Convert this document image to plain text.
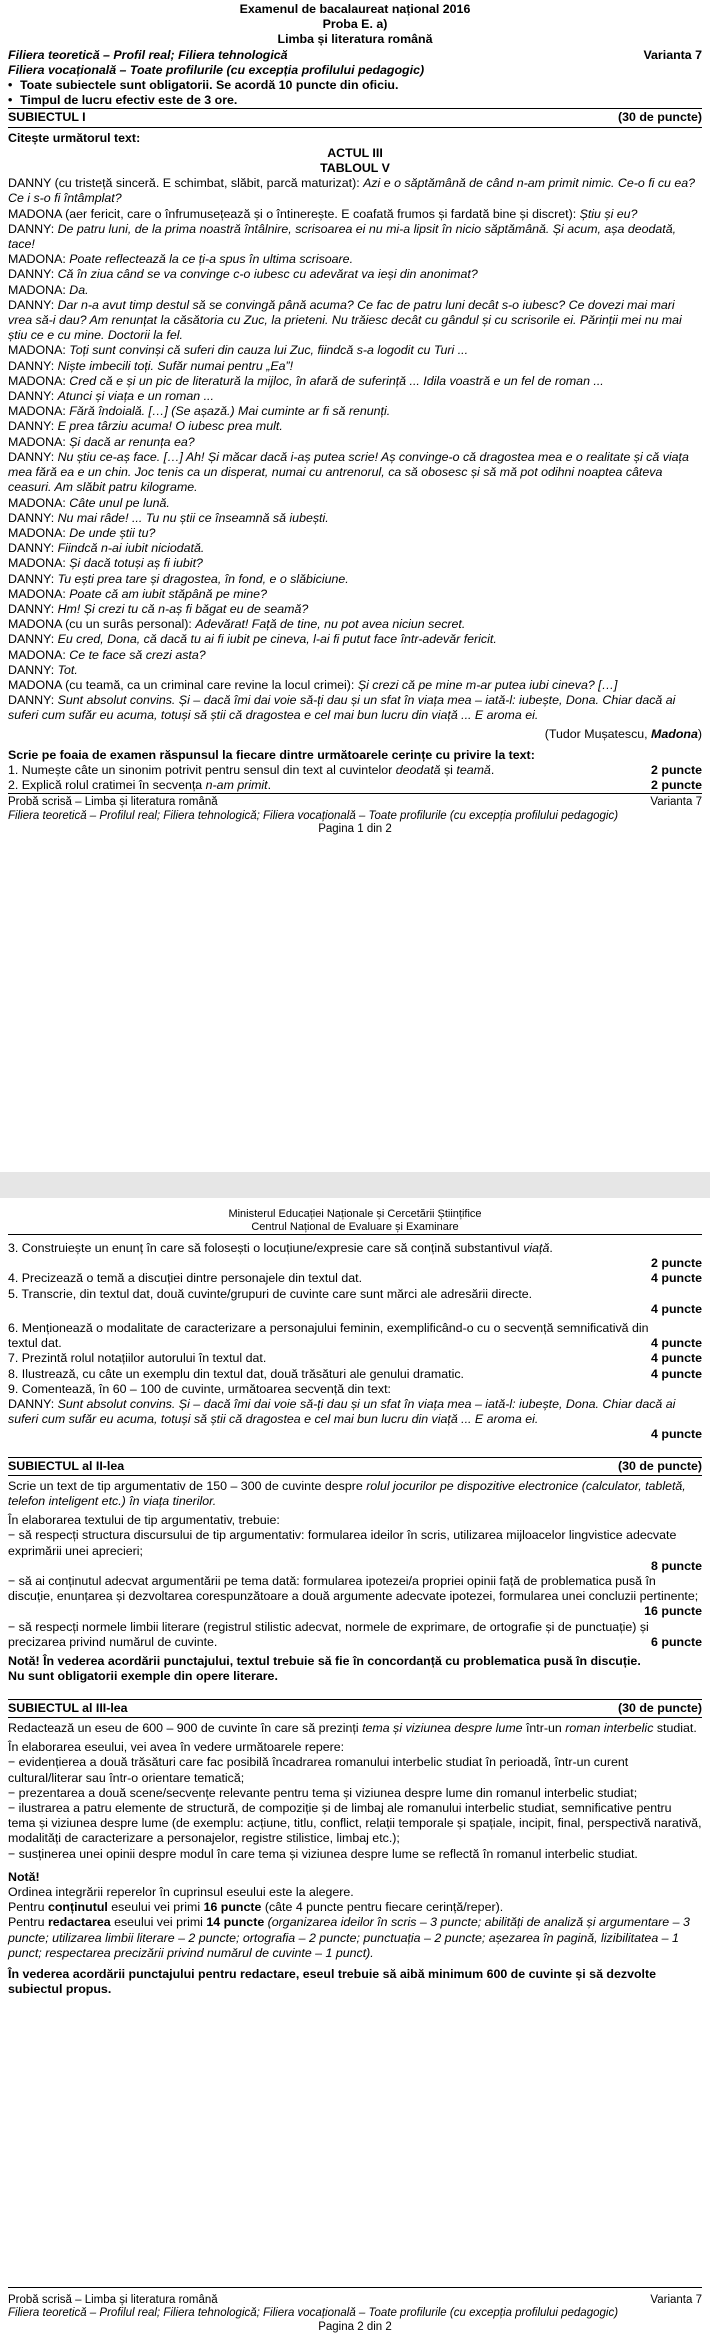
Examenul de bacalaureat național 2016
Proba E. a)
Limba și literatura română
Filiera teoretică – Profil real; Filiera tehnologică	Varianta 7
Filiera vocațională – Toate profilurile (cu excepția profilului pedagogic)
• Toate subiectele sunt obligatorii. Se acordă 10 puncte din oficiu.
• Timpul de lucru efectiv este de 3 ore.
SUBIECTUL I	(30 de puncte)
Citește următorul text:
ACTUL III
TABLOUL V

DANNY (cu tristeță sinceră. E schimbat, slăbit, parcă maturizat): Azi e o săptămână de când n-am primit nimic. Ce-o fi cu ea? Ce i s-o fi întâmplat?

MADONA (aer fericit, care o înfrumusețează și o întinerește. E coafată frumos și fardată bine și discret): Știu și eu?

DANNY: De patru luni, de la prima noastră întâlnire, scrisoarea ei nu mi-a lipsit în nicio săptămână. Și acum, așa deodată, tace!

MADONA: Poate reflectează la ce ți-a spus în ultima scrisoare.

DANNY: Că în ziua când se va convinge c-o iubesc cu adevărat va ieși din anonimat?

MADONA: Da.

DANNY: Dar n-a avut timp destul să se convingă până acuma? Ce fac de patru luni decât s-o iubesc? Ce dovezi mai mari vrea să-i dau? Am renunțat la căsătoria cu Zuc, la prieteni. Nu trăiesc decât cu gândul și cu scrisorile ei. Părinții mei nu mai știu ce e cu mine. Doctorii la fel.

MADONA: Toți sunt convinși că suferi din cauza lui Zuc, fiindcă s-a logodit cu Turi ...

DANNY: Niște imbecili toți. Sufăr numai pentru „Ea”!

MADONA: Cred că e și un pic de literatură la mijloc, în afară de suferință ... Idila voastră e un fel de roman ...

DANNY: Atunci și viața e un roman ...

MADONA: Fără îndoială. […] (Se așază.) Mai cuminte ar fi să renunți.

DANNY: E prea târziu acuma! O iubesc prea mult.

MADONA: Și dacă ar renunța ea?

DANNY: Nu știu ce-aș face. […] Ah! Și măcar dacă i-aș putea scrie! Aș convinge-o că dragostea mea e o realitate și că viața mea fără ea e un chin. Joc tenis ca un disperat, numai cu antrenorul, ca să obosesc și să mă pot odihni noaptea câteva ceasuri. Am slăbit patru kilograme.

MADONA: Câte unul pe lună.

DANNY: Nu mai râde! ... Tu nu știi ce înseamnă să iubești.

MADONA: De unde știi tu?

DANNY: Fiindcă n-ai iubit niciodată.

MADONA: Și dacă totuși aș fi iubit?

DANNY: Tu ești prea tare și dragostea, în fond, e o slăbiciune.

MADONA: Poate că am iubit stăpână pe mine?

DANNY: Hm! Și crezi tu că n-aș fi băgat eu de seamă?

MADONA (cu un surâs personal): Adevărat! Față de tine, nu pot avea niciun secret.

DANNY: Eu cred, Dona, că dacă tu ai fi iubit pe cineva, l-ai fi putut face într-adevăr fericit.

MADONA: Ce te face să crezi asta?

DANNY: Tot.

MADONA (cu teamă, ca un criminal care revine la locul crimei): Și crezi că pe mine m-ar putea iubi cineva? […]

DANNY: Sunt absolut convins. Și – dacă îmi dai voie să-ți dau și un sfat în viața mea – iată-l: iubește, Dona. Chiar dacă ai suferi cum sufăr eu acuma, totuși să știi că dragostea e cel mai bun lucru din viață ... E aroma ei.

(Tudor Mușatescu, Madona)
Scrie pe foaia de examen răspunsul la fiecare dintre următoarele cerințe cu privire la text:
1. Numește câte un sinonim potrivit pentru sensul din text al cuvintelor deodată și teamă.	2 puncte
2. Explică rolul cratimei în secvența n-am primit.	2 puncte
Probă scrisă – Limba și literatura română	Varianta 7
Filiera teoretică – Profilul real; Filiera tehnologică; Filiera vocațională – Toate profilurile (cu excepția profilului pedagogic)
Pagina 1 din 2
Ministerul Educației Naționale și Cercetării Științifice
Centrul Național de Evaluare și Examinare
3. Construiește un enunț în care să folosești o locuțiune/expresie care să conțină substantivul viață.
2 puncte
4. Precizează o temă a discuției dintre personajele din textul dat.	4 puncte
5. Transcrie, din textul dat, două cuvinte/grupuri de cuvinte care sunt mărci ale adresării directe.
4 puncte
6. Menționează o modalitate de caracterizare a personajului feminin, exemplificând-o cu o secvență semnificativă din textul dat.	4 puncte
7. Prezintă rolul notațiilor autorului în textul dat.	4 puncte
8. Ilustrează, cu câte un exemplu din textul dat, două trăsături ale genului dramatic.	4 puncte
9. Comentează, în 60 – 100 de cuvinte, următoarea secvență din text:
DANNY: Sunt absolut convins. Și – dacă îmi dai voie să-ți dau și un sfat în viața mea – iată-l: iubește, Dona. Chiar dacă ai suferi cum sufăr eu acuma, totuși să știi că dragostea e cel mai bun lucru din viață ... E aroma ei.
4 puncte
SUBIECTUL al II-lea	(30 de puncte)
Scrie un text de tip argumentativ de 150 – 300 de cuvinte despre rolul jocurilor pe dispozitive electronice (calculator, tabletă, telefon inteligent etc.) în viața tinerilor.
În elaborarea textului de tip argumentativ, trebuie:
− să respecți structura discursului de tip argumentativ: formularea ideilor în scris, utilizarea mijloacelor lingvistice adecvate exprimării unei aprecieri;
8 puncte
− să ai conținutul adecvat argumentării pe tema dată: formularea ipotezei/a propriei opinii față de problematica pusă în discuție, enunțarea și dezvoltarea corespunzătoare a două argumente adecvate ipotezei, formularea unei concluzii pertinente;
16 puncte
− să respecți normele limbii literare (registrul stilistic adecvat, normele de exprimare, de ortografie și de punctuație) și precizarea privind numărul de cuvinte.	6 puncte
Notă! În vederea acordării punctajului, textul trebuie să fie în concordanță cu problematica pusă în discuție.
Nu sunt obligatorii exemple din opere literare.
SUBIECTUL al III-lea	(30 de puncte)
Redactează un eseu de 600 – 900 de cuvinte în care să prezinți tema și viziunea despre lume într-un roman interbelic studiat.
În elaborarea eseului, vei avea în vedere următoarele repere:
− evidențierea a două trăsături care fac posibilă încadrarea romanului interbelic studiat în perioadă, într-un curent cultural/literar sau într-o orientare tematică;
− prezentarea a două scene/secvențe relevante pentru tema și viziunea despre lume din romanul interbelic studiat;
− ilustrarea a patru elemente de structură, de compoziție și de limbaj ale romanului interbelic studiat, semnificative pentru tema și viziunea despre lume (de exemplu: acțiune, titlu, conflict, relații temporale și spațiale, incipit, final, perspectivă narativă, modalități de caracterizare a personajelor, registre stilistice, limbaj etc.);
− susținerea unei opinii despre modul în care tema și viziunea despre lume se reflectă în romanul interbelic studiat.
Notă!
Ordinea integrării reperelor în cuprinsul eseului este la alegere.
Pentru conținutul eseului vei primi 16 puncte (câte 4 puncte pentru fiecare cerință/reper).
Pentru redactarea eseului vei primi 14 puncte (organizarea ideilor în scris – 3 puncte; abilități de analiză și argumentare – 3 puncte; utilizarea limbii literare – 2 puncte; ortografia – 2 puncte; punctuația – 2 puncte; așezarea în pagină, lizibilitatea – 1 punct; respectarea precizării privind numărul de cuvinte – 1 punct).
În vederea acordării punctajului pentru redactare, eseul trebuie să aibă minimum 600 de cuvinte și să dezvolte subiectul propus.
Probă scrisă – Limba și literatura română	Varianta 7
Filiera teoretică – Profilul real; Filiera tehnologică; Filiera vocațională – Toate profilurile (cu excepția profilului pedagogic)
Pagina 2 din 2
